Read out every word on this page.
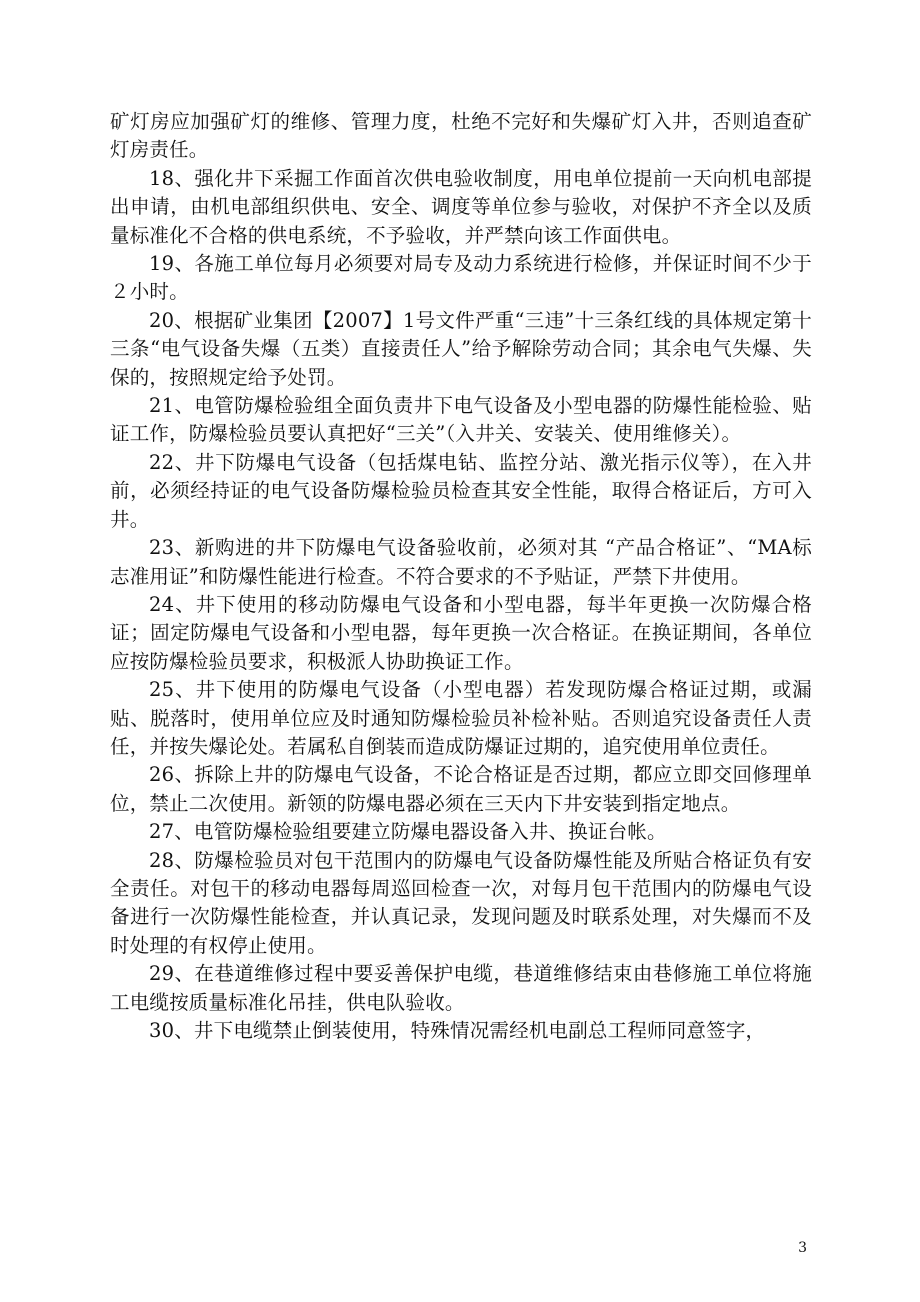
矿灯房应加强矿灯的维修、管理力度，杜绝不完好和失爆矿灯入井，否则追查矿灯房责任。

18、强化井下采掘工作面首次供电验收制度，用电单位提前一天向机电部提出申请，由机电部组织供电、安全、调度等单位参与验收，对保护不齐全以及质量标准化不合格的供电系统，不予验收，并严禁向该工作面供电。

19、各施工单位每月必须要对局专及动力系统进行检修，并保证时间不少于２小时。

20、根据矿业集团【2007】1号文件严重“三违”十三条红线的具体规定第十三条“电气设备失爆（五类）直接责任人”给予解除劳动合同；其余电气失爆、失保的，按照规定给予处罚。

21、电管防爆检验组全面负责井下电气设备及小型电器的防爆性能检验、贴证工作，防爆检验员要认真把好“三关”（入井关、安装关、使用维修关）。

22、井下防爆电气设备（包括煤电钻、监控分站、激光指示仪等），在入井前，必须经持证的电气设备防爆检验员检查其安全性能，取得合格证后，方可入井。

23、新购进的井下防爆电气设备验收前，必须对其 “产品合格证”、“MA标志准用证”和防爆性能进行检查。不符合要求的不予贴证，严禁下井使用。

24、井下使用的移动防爆电气设备和小型电器，每半年更换一次防爆合格证；固定防爆电气设备和小型电器，每年更换一次合格证。在换证期间，各单位应按防爆检验员要求，积极派人协助换证工作。

25、井下使用的防爆电气设备（小型电器）若发现防爆合格证过期，或漏贴、脱落时，使用单位应及时通知防爆检验员补检补贴。否则追究设备责任人责任，并按失爆论处。若属私自倒装而造成防爆证过期的，追究使用单位责任。

26、拆除上井的防爆电气设备，不论合格证是否过期，都应立即交回修理单位，禁止二次使用。新领的防爆电器必须在三天内下井安装到指定地点。

27、电管防爆检验组要建立防爆电器设备入井、换证台帐。

28、防爆检验员对包干范围内的防爆电气设备防爆性能及所贴合格证负有安全责任。对包干的移动电器每周巡回检查一次，对每月包干范围内的防爆电气设备进行一次防爆性能检查，并认真记录，发现问题及时联系处理，对失爆而不及时处理的有权停止使用。

29、在巷道维修过程中要妥善保护电缆，巷道维修结束由巷修施工单位将施工电缆按质量标准化吊挂，供电队验收。

30、井下电缆禁止倒装使用，特殊情况需经机电副总工程师同意签字，

3
